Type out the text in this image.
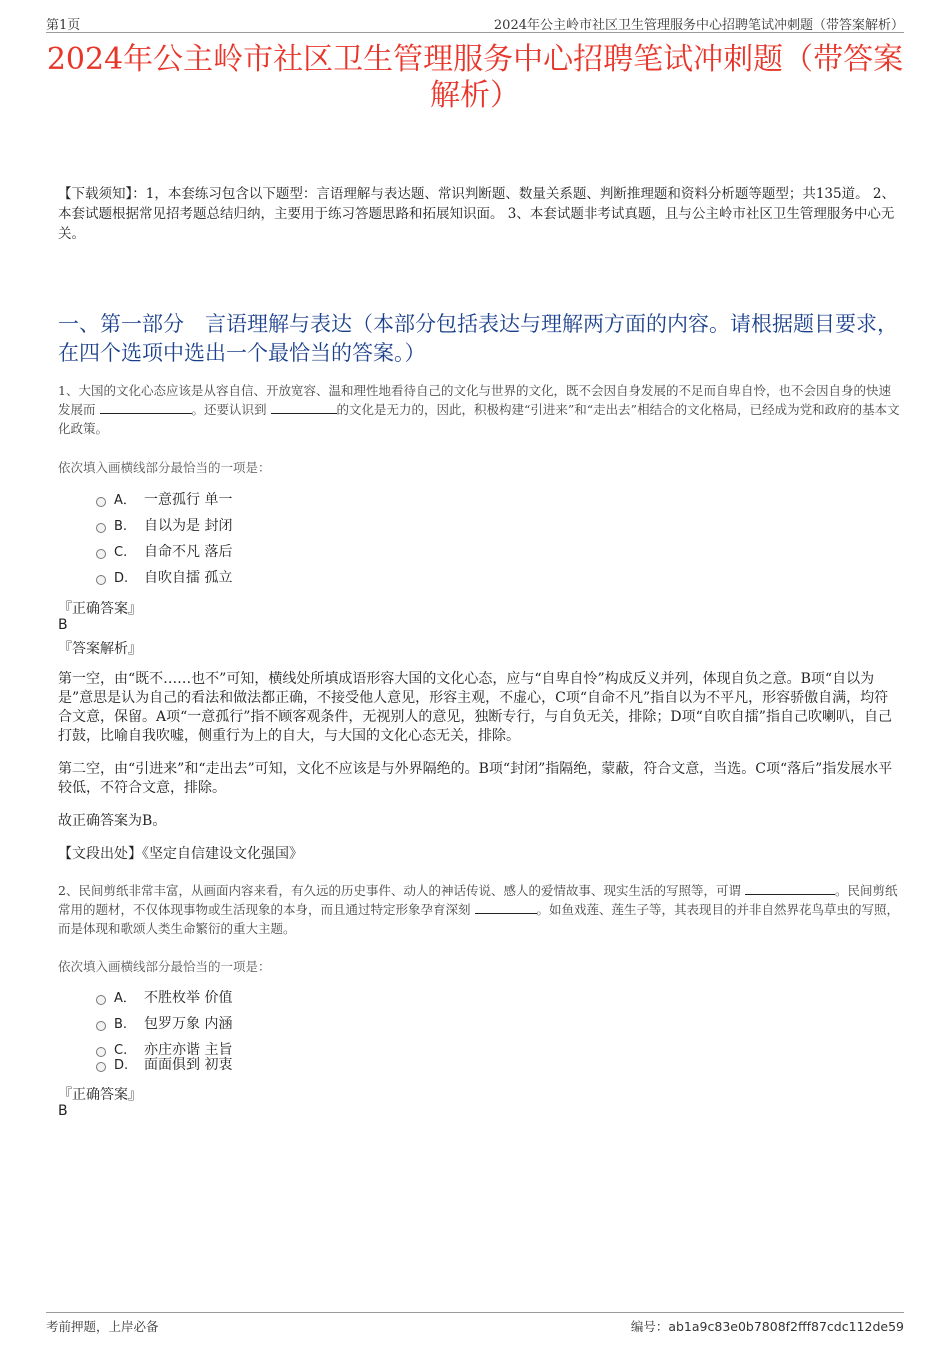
第1页	2024年公主岭市社区卫生管理服务中心招聘笔试冲刺题（带答案解析）
2024年公主岭市社区卫生管理服务中心招聘笔试冲刺题（带答案解析）
【下载须知】：1，本套练习包含以下题型：言语理解与表达题、常识判断题、数量关系题、判断推理题和资料分析题等题型；共135道。 2、本套试题根据常见招考题总结归纳，主要用于练习答题思路和拓展知识面。 3、本套试题非考试真题，且与公主岭市社区卫生管理服务中心无关。
一、第一部分　言语理解与表达（本部分包括表达与理解两方面的内容。请根据题目要求，在四个选项中选出一个最恰当的答案。）
1、大国的文化心态应该是从容自信、开放宽容、温和理性地看待自己的文化与世界的文化，既不会因自身发展的不足而自卑自怜，也不会因自身的快速发展而	。还要认识到	的文化是无力的，因此，积极构建“引进来”和“走出去”相结合的文化格局，已经成为党和政府的基本文化政策。
依次填入画横线部分最恰当的一项是：
A． 一意孤行 单一
B. 自以为是 封闭
C. 自命不凡 落后
D. 自吹自擂 孤立
『正确答案』
B
『答案解析』
第一空，由“既不……也不”可知，横线处所填成语形容大国的文化心态，应与“自卑自怜”构成反义并列，体现自负之意。B项“自以为是”意思是认为自己的看法和做法都正确，不接受他人意见，形容主观，不虚心，C项“自命不凡”指自以为不平凡，形容骄傲自满，均符合文意，保留。A项“一意孤行”指不顾客观条件，无视别人的意见，独断专行，与自负无关，排除；D项“自吹自擂”指自己吹喇叭，自己打鼓，比喻自我吹嘘，侧重行为上的自大，与大国的文化心态无关，排除。
第二空，由“引进来”和“走出去”可知，文化不应该是与外界隔绝的。B项“封闭”指隔绝，蒙蔽，符合文意，当选。C项“落后”指发展水平较低，不符合文意，排除。
故正确答案为B。
【文段出处】《坚定自信建设文化强国》
2、民间剪纸非常丰富，从画面内容来看，有久远的历史事件、动人的神话传说、感人的爱情故事、现实生活的写照等，可谓	。民间剪纸常用的题材，不仅体现事物或生活现象的本身，而且通过特定形象孕育深刻	。如鱼戏莲、莲生子等，其表现目的并非自然界花鸟草虫的写照，而是体现和歌颂人类生命繁衍的重大主题。
依次填入画横线部分最恰当的一项是：
A． 不胜枚举 价值
B. 包罗万象 内涵
C. 亦庄亦谐 主旨
D. 面面俱到 初衷
『正确答案』
B
考前押题，上岸必备	编号：ab1a9c83e0b7808f2fff87cdc112de59
